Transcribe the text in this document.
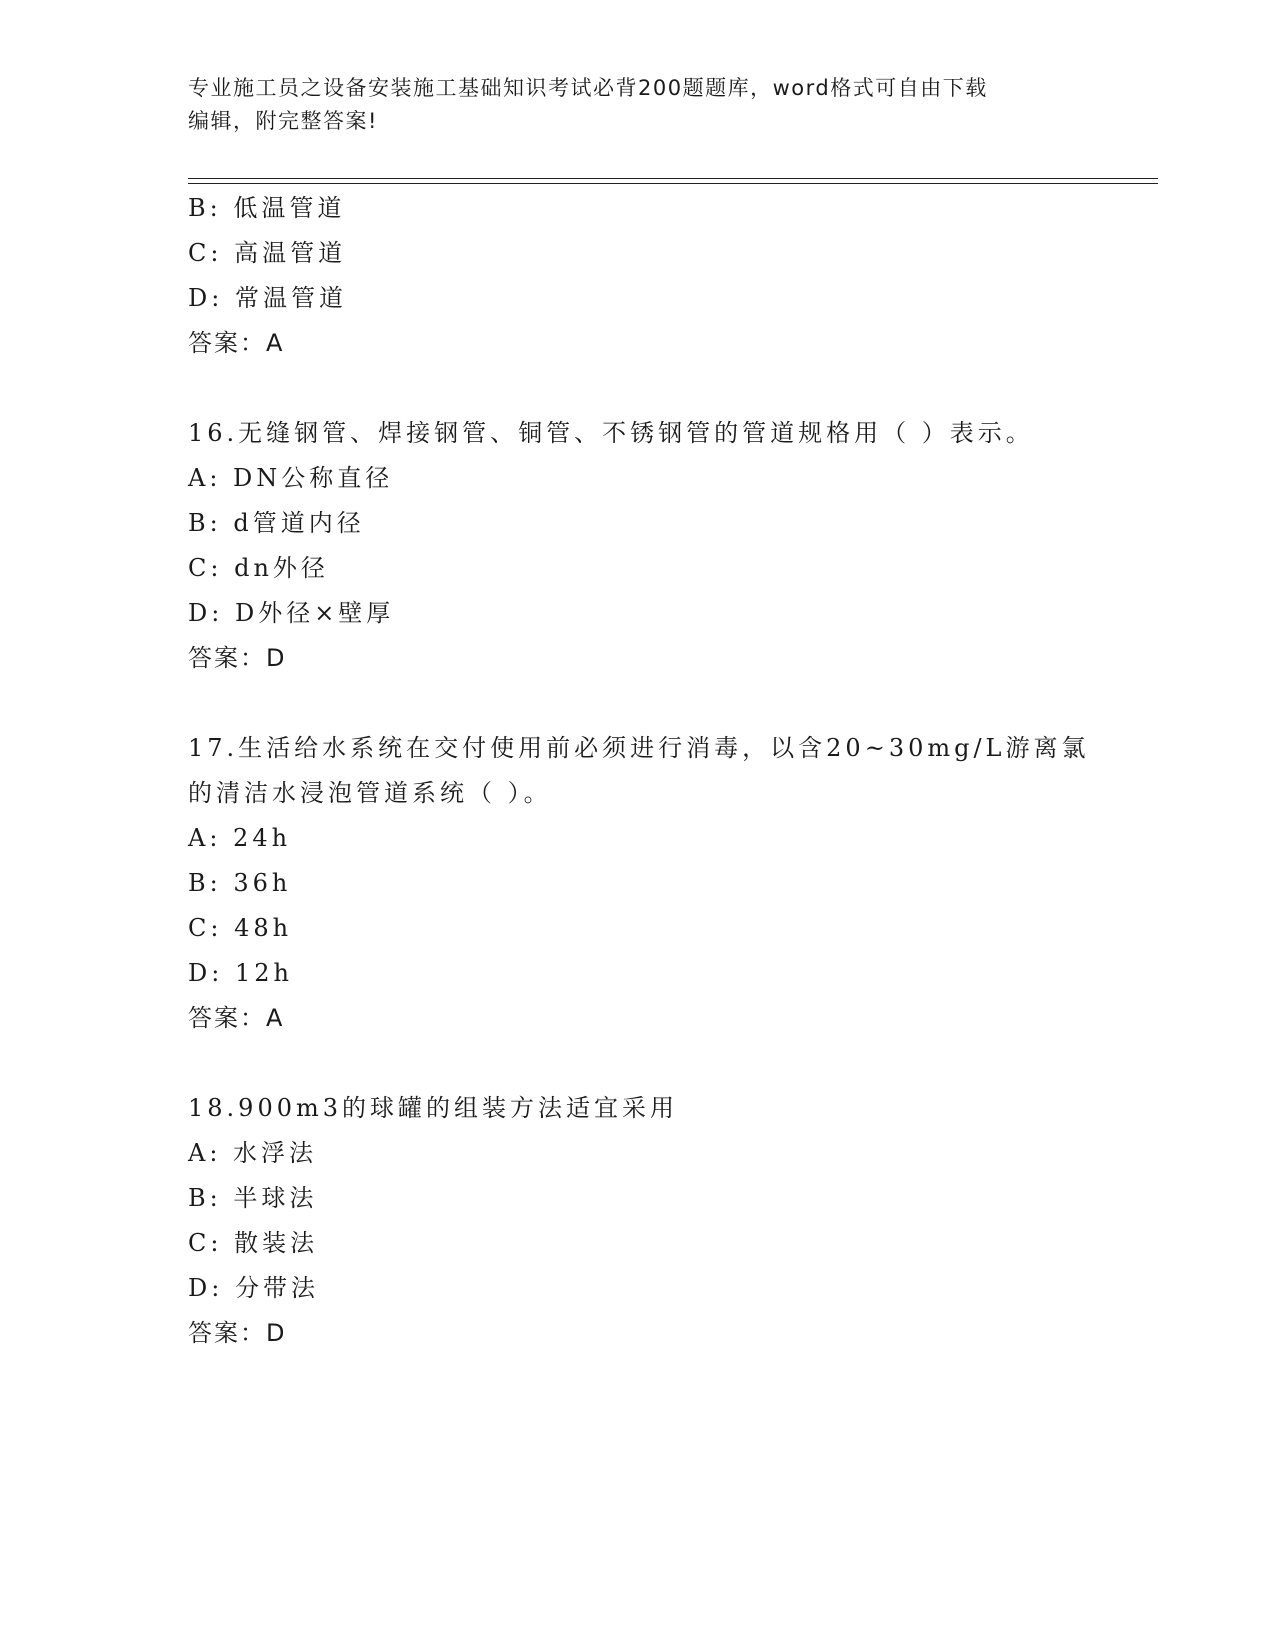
专业施工员之设备安装施工基础知识考试必背200题题库，word格式可自由下载
编辑，附完整答案!
B: 低温管道
C: 高温管道
D: 常温管道
答案：A
16.无缝钢管、焊接钢管、铜管、不锈钢管的管道规格用（ ）表示。
A: DN公称直径
B: d管道内径
C: dn外径
D: D外径×壁厚
答案：D
17.生活给水系统在交付使用前必须进行消毒，以含20~30mg/L游离氯
的清洁水浸泡管道系统（ ）。
A: 24h
B: 36h
C: 48h
D: 12h
答案：A
18.900m3的球罐的组装方法适宜采用
A: 水浮法
B: 半球法
C: 散装法
D: 分带法
答案：D
